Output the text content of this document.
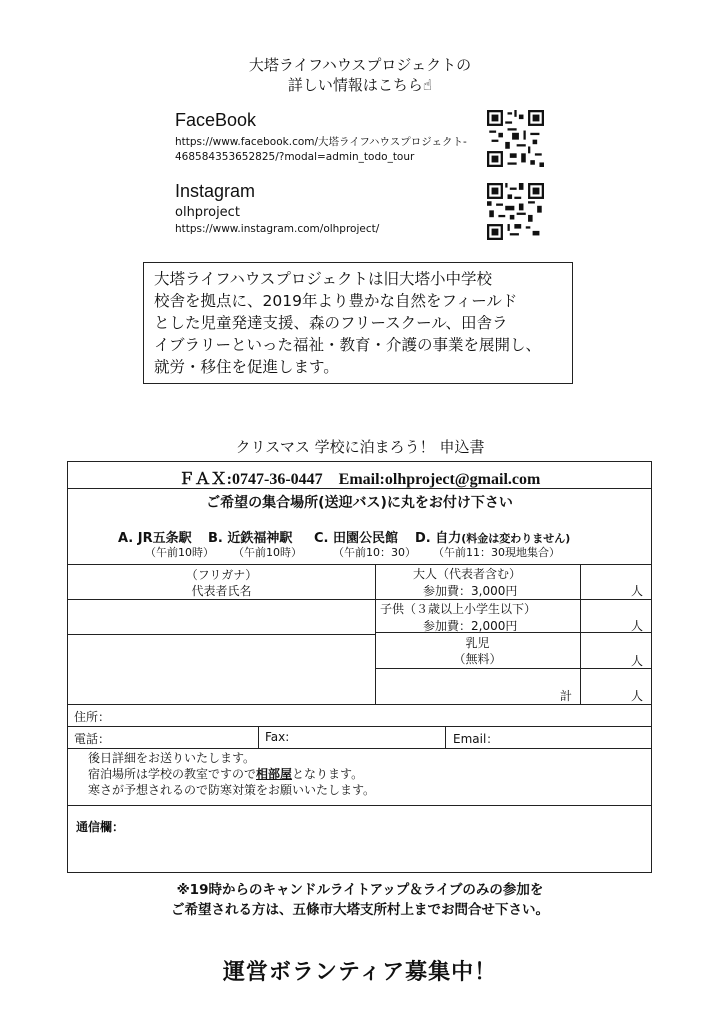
大塔ライフハウスプロジェクトの
詳しい情報はこちら☝
FaceBook
https://www.facebook.com/大塔ライフハウスプロジェクト-
468584353652825/?modal=admin_todo_tour
Instagram
olhproject
https://www.instagram.com/olhproject/
大塔ライフハウスプロジェクトは旧大塔小中学校
校舎を拠点に、2019年より豊かな自然をフィールド
とした児童発達支援、森のフリースクール、田舎ラ
イブラリーといった福祉・教育・介護の事業を展開し、
就労・移住を促進します。
クリスマス 学校に泊まろう！ 申込書
ＦＡＸ:0747-36-0447　Email:olhproject@gmail.com
ご希望の集合場所(送迎バス)に丸をお付け下さい
A. JR五条駅
（午前10時）
B. 近鉄福神駅
（午前10時）
C. 田園公民館
（午前10：30）
D. 自力(料金は変わりません)
（午前11：30現地集合）
（フリガナ）
代表者氏名
大人（代表者含む）
参加費：3,000円	人
子供（３歳以上小学生以下）
参加費：2,000円	人
乳児
（無料）	人
計	人
住所：
電話：	Fax:	Email：
後日詳細をお送りいたします。
宿泊場所は学校の教室ですので相部屋となります。
寒さが予想されるので防寒対策をお願いいたします。
通信欄：
※19時からのキャンドルライトアップ＆ライブのみの参加を
ご希望される方は、五條市大塔支所村上までお問合せ下さい。
運営ボランティア募集中！
